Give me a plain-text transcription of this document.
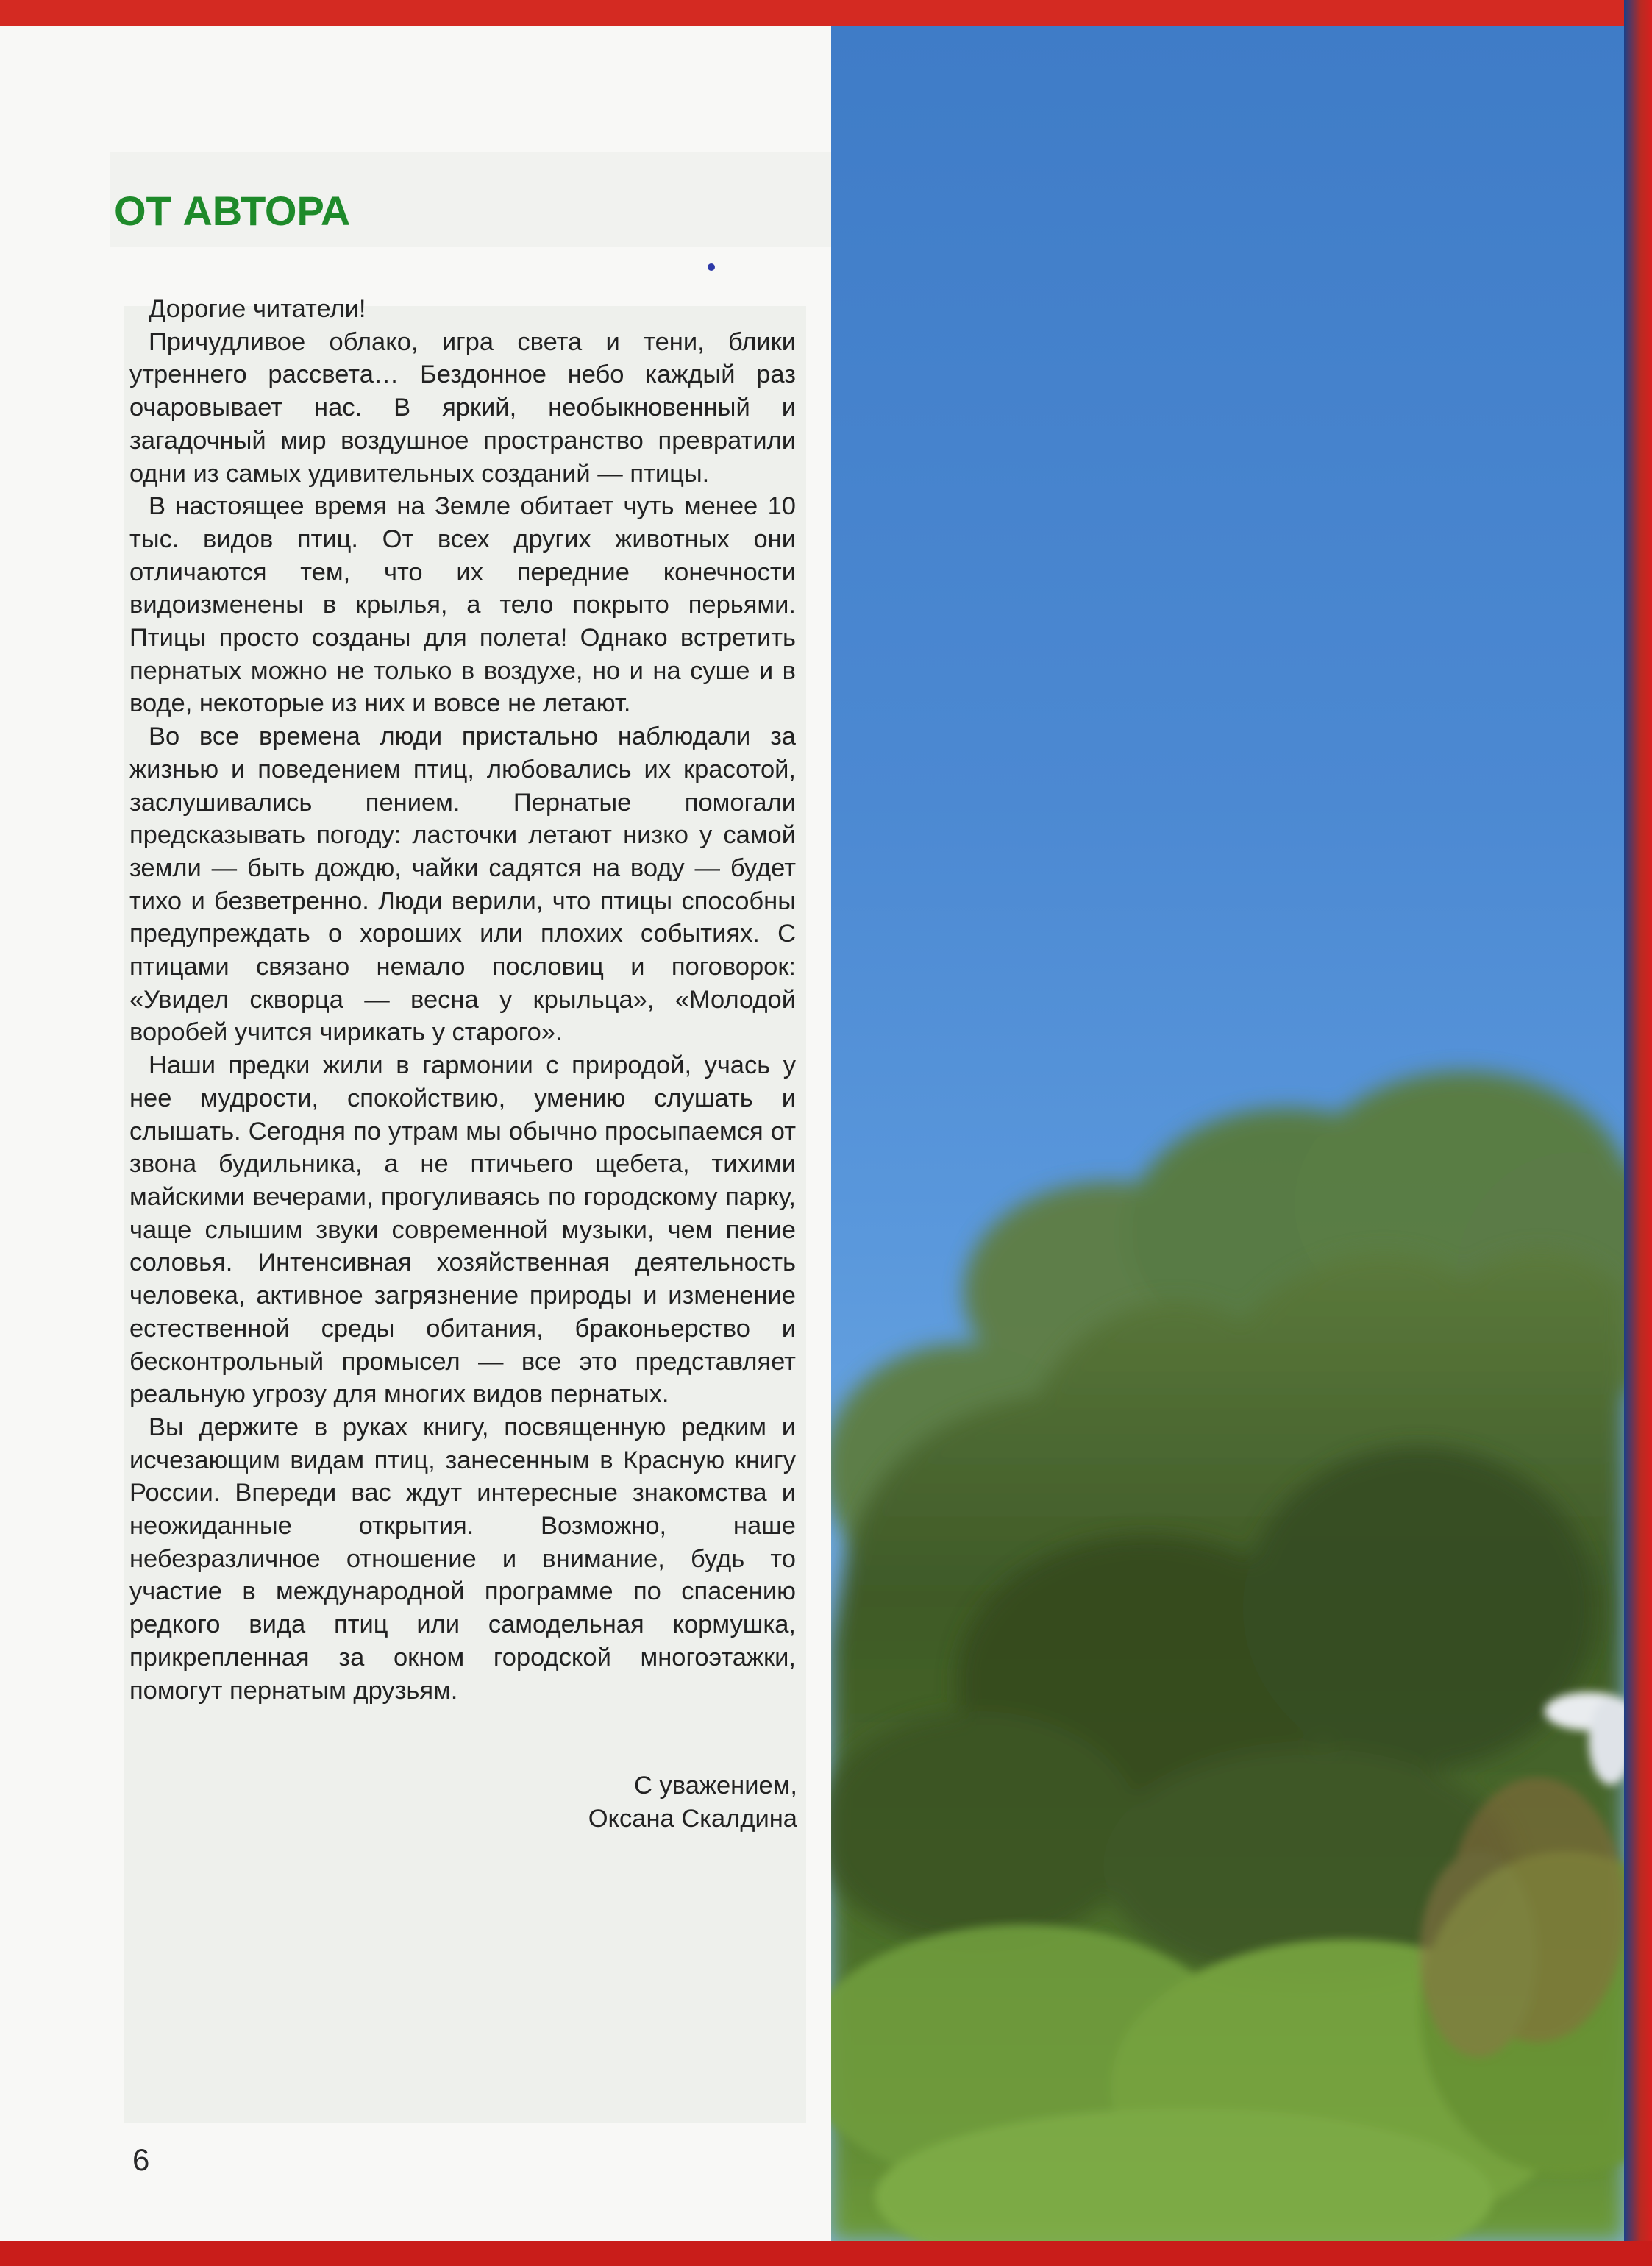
ОТ АВТОРА

Дорогие читатели!

Причудливое облако, игра света и тени, блики утреннего рассвета… Бездонное небо каждый раз очаровывает нас. В яркий, необыкновенный и загадочный мир воздушное пространство превратили одни из самых удивительных созданий — птицы.

В настоящее время на Земле обитает чуть менее 10 тыс. видов птиц. От всех других животных они отличаются тем, что их передние конечности видоизменены в крылья, а тело покрыто перьями. Птицы просто созданы для полета! Однако встретить пернатых можно не только в воздухе, но и на суше и в воде, некоторые из них и вовсе не летают.

Во все времена люди пристально наблюдали за жизнью и поведением птиц, любовались их красотой, заслушивались пением. Пернатые помогали предсказывать погоду: ласточки летают низко у самой земли — быть дождю, чайки садятся на воду — будет тихо и безветренно. Люди верили, что птицы способны предупреждать о хороших или плохих событиях. С птицами связано немало пословиц и поговорок: «Увидел скворца — весна у крыльца», «Молодой воробей учится чирикать у старого».

Наши предки жили в гармонии с природой, учась у нее мудрости, спокойствию, умению слушать и слышать. Сегодня по утрам мы обычно просыпаемся от звона будильника, а не птичьего щебета, тихими майскими вечерами, прогуливаясь по городскому парку, чаще слышим звуки современной музыки, чем пение соловья. Интенсивная хозяйственная деятельность человека, активное загрязнение природы и изменение естественной среды обитания, браконьерство и бесконтрольный промысел — все это представляет реальную угрозу для многих видов пернатых.

Вы держите в руках книгу, посвященную редким и исчезающим видам птиц, занесенным в Красную книгу России. Впереди вас ждут интересные знакомства и неожиданные открытия. Возможно, наше небезразличное отношение и внимание, будь то участие в международной программе по спасению редкого вида птиц или самодельная кормушка, прикрепленная за окном городской многоэтажки, помогут пернатым друзьям.

С уважением,
Оксана Скалдина
6
